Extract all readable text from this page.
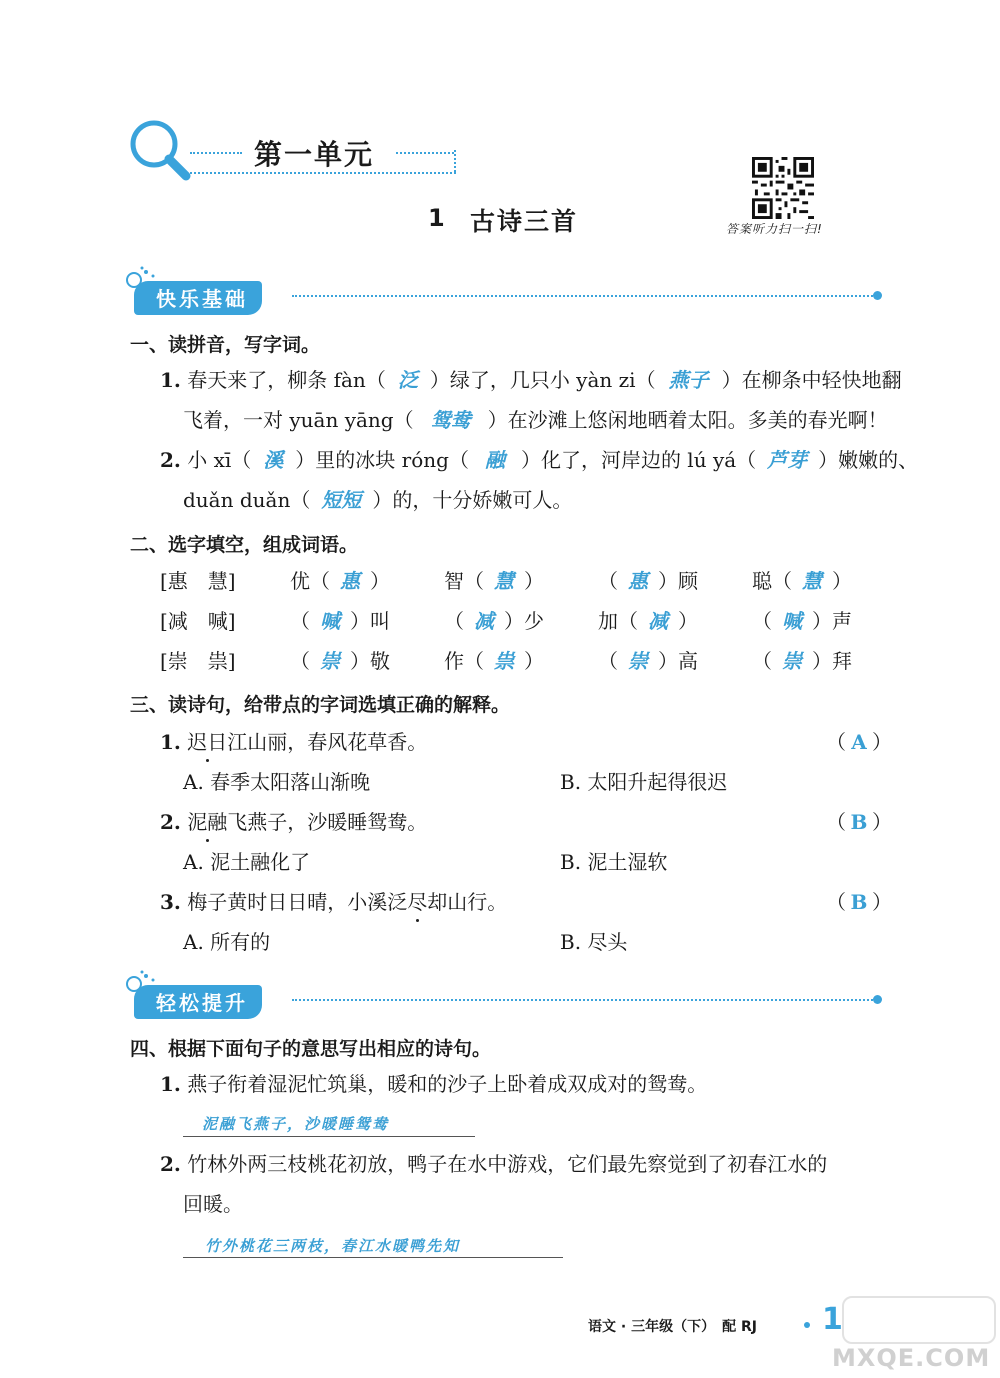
第一单元
答案听力扫一扫!
1 古诗三首
快乐基础
一、读拼音，写字词。
1. 春天来了，柳条 fàn（ 泛 ）绿了，几只小 yàn zi（ 燕子 ）在柳条中轻快地翻
飞着，一对 yuān yāng（ 鸳鸯 ）在沙滩上悠闲地晒着太阳。多美的春光啊！
2. 小 xī（ 溪 ）里的冰块 róng（ 融 ）化了，河岸边的 lú yá（ 芦芽 ）嫩嫩的、
duǎn duǎn（ 短短 ）的，十分娇嫩可人。
二、选字填空，组成词语。
[惠　慧]	优（ 惠 ）	智（ 慧 ）	（ 惠 ）顾	聪（ 慧 ）
[减　喊]	（ 喊 ）叫	（ 减 ）少	加（ 减 ）	（ 喊 ）声
[崇　祟]	（ 崇 ）敬	作（ 祟 ）	（ 崇 ）高	（ 崇 ）拜
三、读诗句，给带点的字词选填正确的解释。
1. 迟日江山丽，春风花草香。	（ A ）
A. 春季太阳落山渐晚	B. 太阳升起得很迟
2. 泥融飞燕子，沙暖睡鸳鸯。	（ B ）
A. 泥土融化了	B. 泥土湿软
3. 梅子黄时日日晴，小溪泛尽却山行。	（ B ）
A. 所有的	B. 尽头
轻松提升
四、根据下面句子的意思写出相应的诗句。
1. 燕子衔着湿泥忙筑巢，暖和的沙子上卧着成双成对的鸳鸯。
泥融飞燕子，沙暖睡鸳鸯
2. 竹林外两三枝桃花初放，鸭子在水中游戏，它们最先察觉到了初春江水的
回暖。
竹外桃花三两枝，春江水暖鸭先知
语文 · 三年级（下）　配 RJ 1
MXQE.COM
